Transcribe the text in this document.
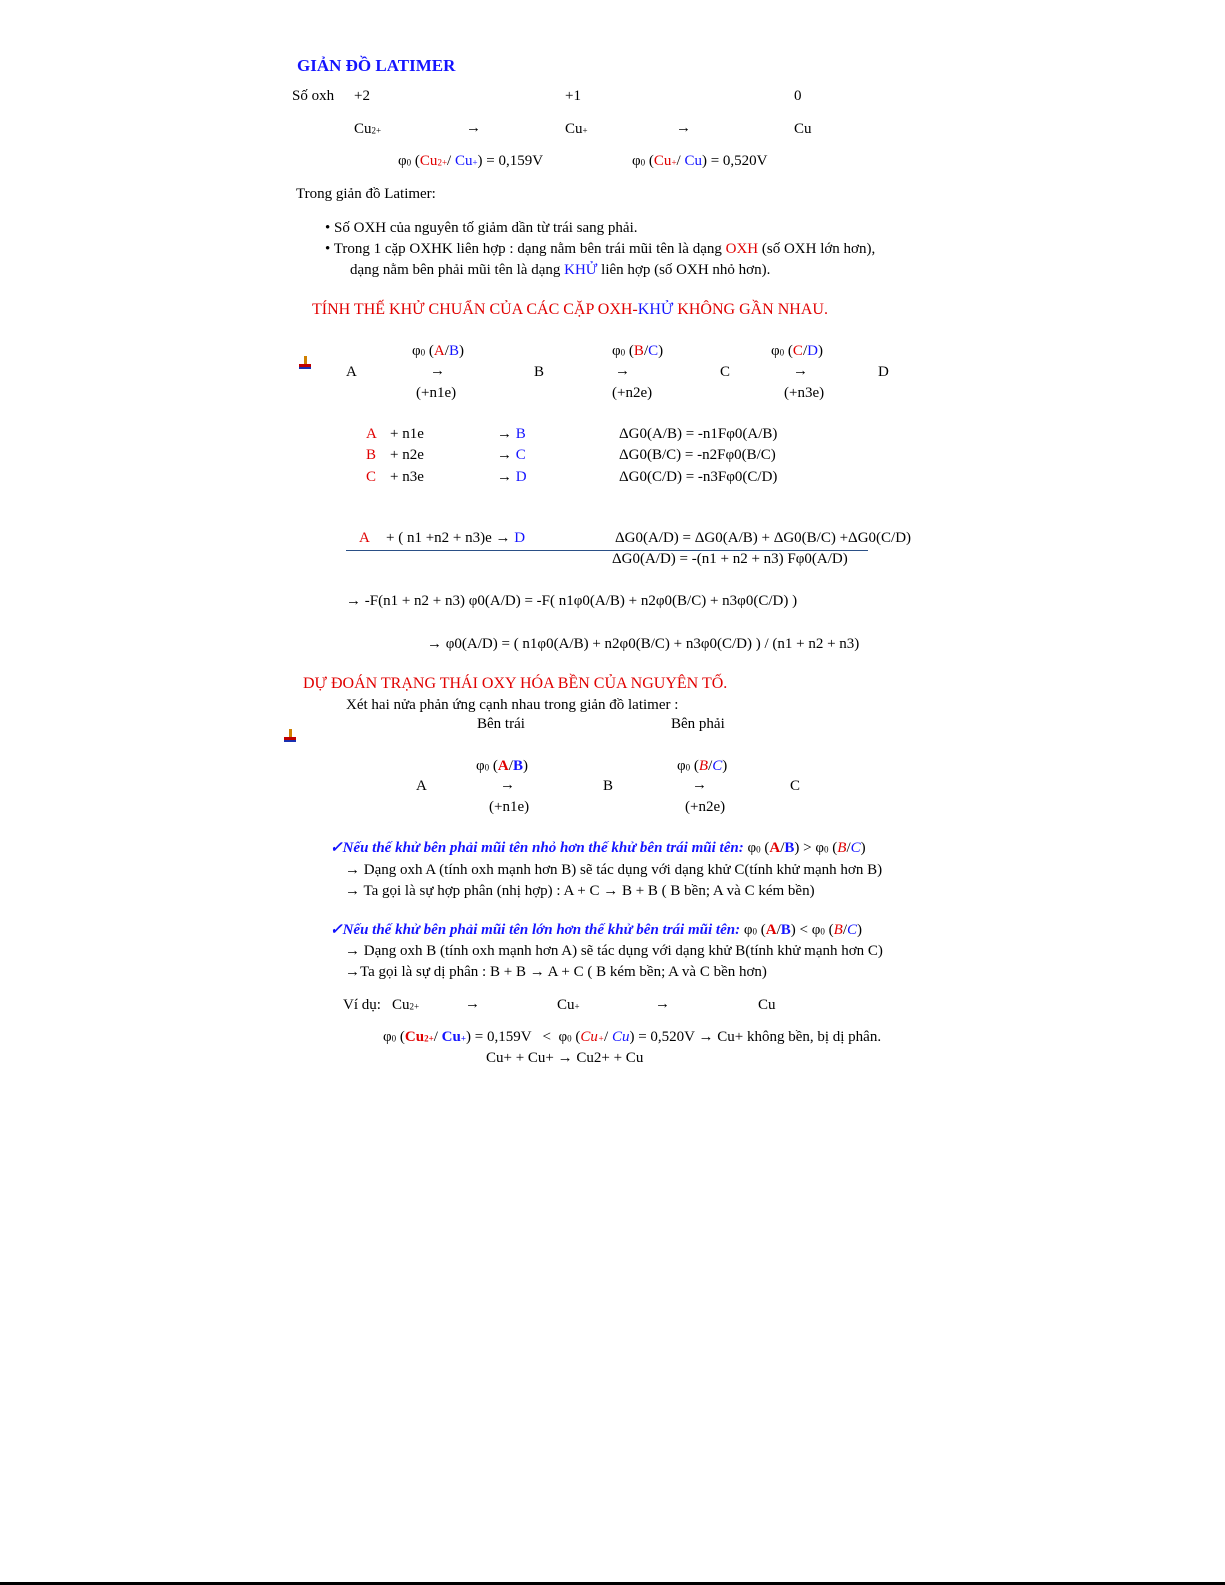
GIẢN ĐỒ LATIMER
Số oxh +2	+1	0
$Cu_{2+}$	→	$Cu_+$	→	Cu
$\varphi_0$ ($Cu_{2+}/$ $Cu_+) = 0,159V$	$\varphi_0$ ($Cu_+/$ Cu) = 0,520V
Trong giản đồ Latimer:
• Số OXH của nguyên tố giảm dần từ trái sang phải.
• Trong 1 cặp OXHK liên hợp : dạng nằm bên trái mũi tên là dạng OXH (số OXH lớn hơn),
dạng nằm bên phải mũi tên là dạng KHỬ liên hợp (số OXH nhỏ hơn).
TÍNH THẾ KHỬ CHUẨN CỦA CÁC CẶP OXH-KHỬ KHÔNG GẦN NHAU.
$\varphi_0$ (A/B)	$\varphi_0$ (B/C)	$\varphi_0$ (C/D)
A	→	B	→	C	→	D
(+n1e)	(+n2e)	(+n3e)
A + n1e	→ B	ΔG0(A/B) = -n1Fφ0(A/B)
B + n2e	→ C	ΔG0(B/C) = -n2Fφ0(B/C)
C + n3e	→ D	ΔG0(C/D) = -n3Fφ0(C/D)
A + ( n1 +n2 + n3)e → D	ΔG0(A/D) = ΔG0(A/B) + ΔG0(B/C) +ΔG0(C/D)
ΔG0(A/D) = -(n1 + n2 + n3) Fφ0(A/D)
→ -F(n1 + n2 + n3) φ0(A/D) = -F( n1φ0(A/B) + n2φ0(B/C) + n3φ0(C/D) )
→ φ0(A/D) = ( n1φ0(A/B) + n2φ0(B/C) + n3φ0(C/D) ) / (n1 + n2 + n3)
DỰ ĐOÁN TRẠNG THÁI OXY HÓA BỀN CỦA NGUYÊN TỐ.
Xét hai nửa phản ứng cạnh nhau trong giản đồ latimer :
Bên trái	Bên phải
$\varphi_0$ (A/B)	$\varphi_0$ (B/C)
A	→	B	→	C
(+n1e)	(+n2e)
✓Nếu thế khử bên phải mũi tên nhỏ hơn thế khử bên trái mũi tên: $\varphi_0$ $(A/B) > \varphi_0$ (B/C)
→ Dạng oxh A (tính oxh mạnh hơn B) sẽ tác dụng với dạng khử C(tính khử mạnh hơn B)
→ Ta gọi là sự hợp phân (nhị hợp) : A + C → B + B ( B bền; A và C kém bền)
✓Nếu thế khử bên phải mũi tên lớn hơn thế khử bên trái mũi tên: $\varphi_0$ $(A/B) < \varphi_0$ (B/C)
→ Dạng oxh B (tính oxh mạnh hơn A) sẽ tác dụng với dạng khử B(tính khử mạnh hơn C)
→Ta gọi là sự dị phân : B + B → A + C ( B kém bền; A và C bền hơn)
Ví dụ: $Cu_{2+}$	→	$Cu_+$	→	Cu
$\varphi_0$ ($Cu_{2+}/$ $Cu_+) = 0,159V < \varphi_0$ ($Cu_+/$ Cu) = 0,520V → Cu+ không bền, bị dị phân.
Cu+ + Cu+ → Cu2+ + Cu
